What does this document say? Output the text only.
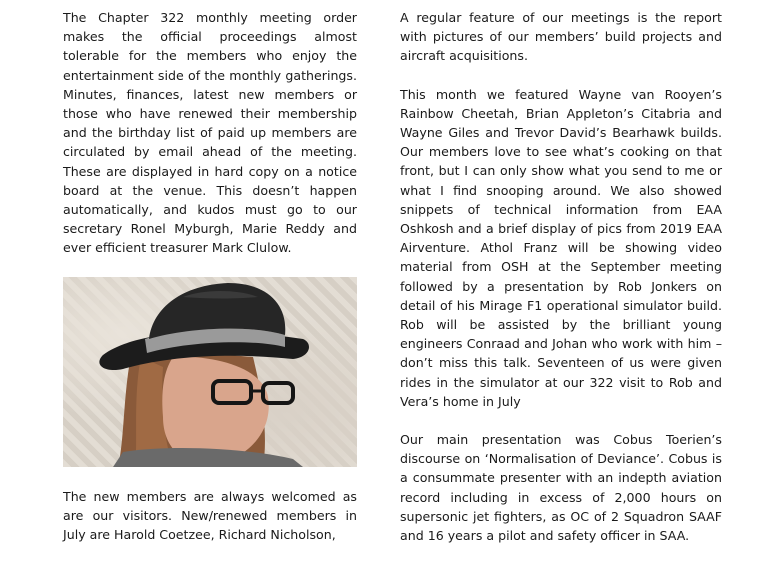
The Chapter 322 monthly meeting order makes the official proceedings almost tolerable for the members who enjoy the entertainment side of the monthly gatherings. Minutes, finances, latest new members or those who have renewed their membership and the birthday list of paid up members are circulated by email ahead of the meeting. These are displayed in hard copy on a notice board at the venue. This doesn’t happen automatically, and kudos must go to our secretary Ronel Myburgh, Marie Reddy and ever efficient treasurer Mark Clulow.

The new members are always welcomed as are our visitors. New/renewed members in July are Harold Coetzee, Richard Nicholson,

A regular feature of our meetings is the report with pictures of our members’ build projects and aircraft acquisitions.

This month we featured Wayne van Rooyen’s Rainbow Cheetah, Brian Appleton’s Citabria and Wayne Giles and Trevor David’s Bearhawk builds. Our members love to see what’s cooking on that front, but I can only show what you send to me or what I find snooping around. We also showed snippets of technical information from EAA Oshkosh and a brief display of pics from 2019 EAA Airventure. Athol Franz will be showing video material from OSH at the September meeting followed by a presentation by Rob Jonkers on detail of his Mirage F1 operational simulator build. Rob will be assisted by the brilliant young engineers Conraad and Johan who work with him – don’t miss this talk. Seventeen of us were given rides in the simulator at our 322 visit to Rob and Vera’s home in July

Our main presentation was Cobus Toerien’s discourse on ‘Normalisation of Deviance’. Cobus is a consummate presenter with an indepth aviation record including in excess of 2,000 hours on supersonic jet fighters, as OC of 2 Squadron SAAF and 16 years a pilot and safety officer in SAA.
